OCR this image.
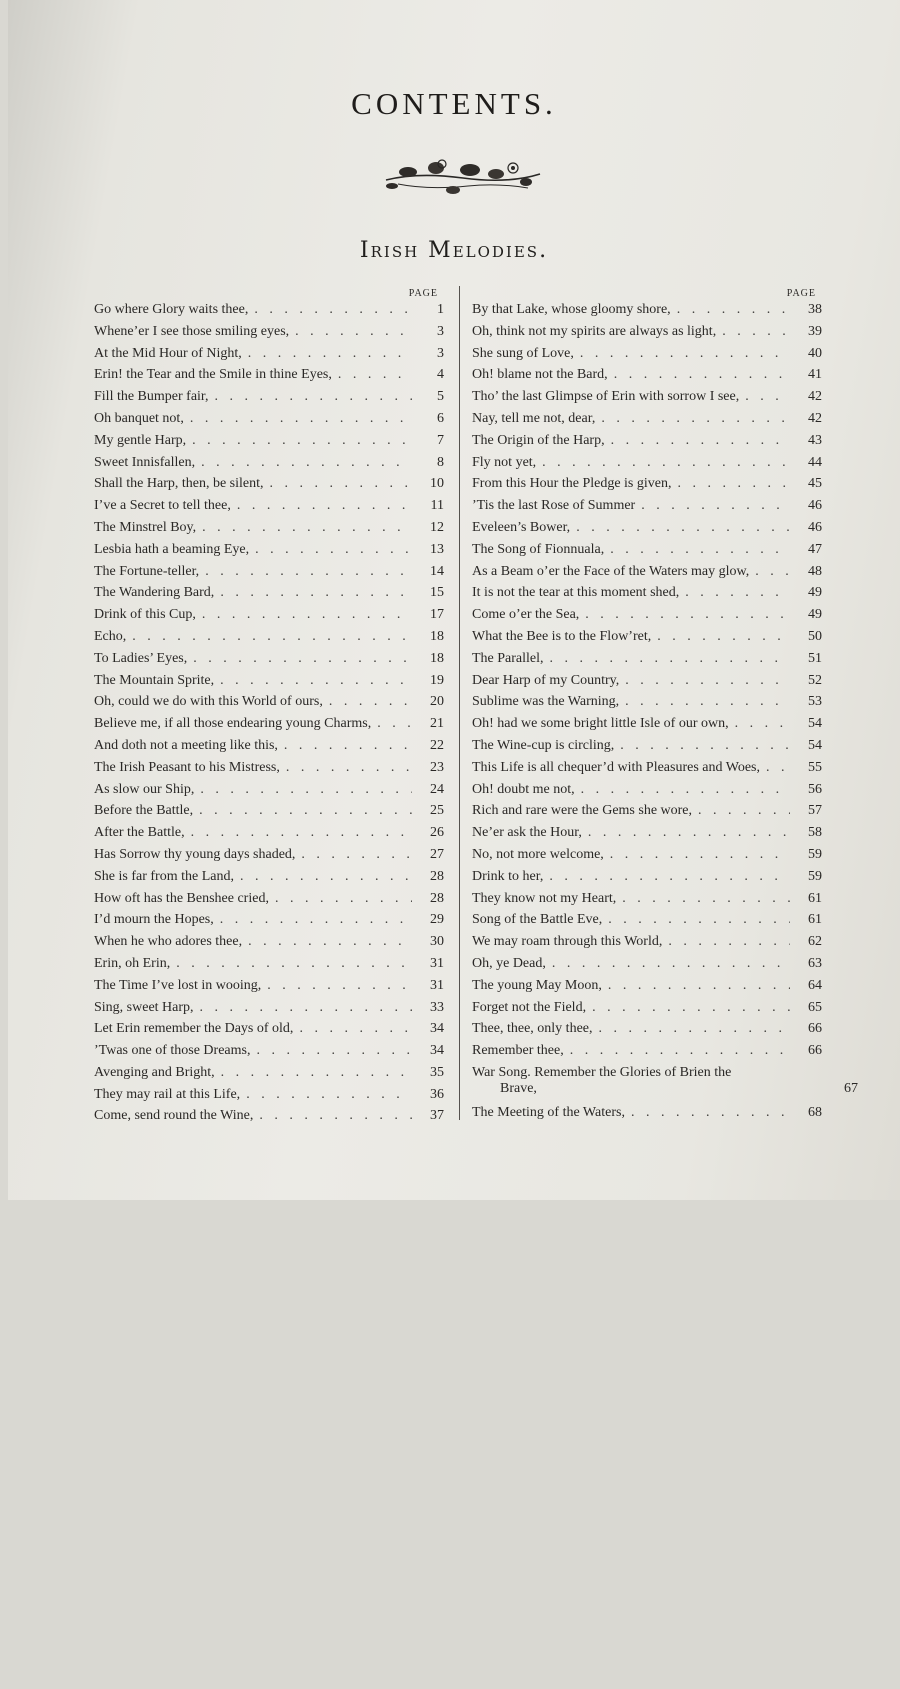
CONTENTS.
Irish Melodies.
PAGE
Go where Glory waits thee, . . .	1
Whene’er I see those smiling eyes, . . .	3
At the Mid Hour of Night, . . .	3
Erin! the Tear and the Smile in thine Eyes, . . .	4
Fill the Bumper fair, . . .	5
Oh banquet not, . . .	6
My gentle Harp, . . .	7
Sweet Innisfallen, . . .	8
Shall the Harp, then, be silent, . . .	10
I’ve a Secret to tell thee, . . .	11
The Minstrel Boy, . . .	12
Lesbia hath a beaming Eye, . . .	13
The Fortune-teller, . . .	14
The Wandering Bard, . . .	15
Drink of this Cup, . . .	17
Echo, . . .	18
To Ladies’ Eyes, . . .	18
The Mountain Sprite, . . .	19
Oh, could we do with this World of ours, . . .	20
Believe me, if all those endearing young Charms, . . .	21
And doth not a meeting like this, . . .	22
The Irish Peasant to his Mistress, . . .	23
As slow our Ship, . . .	24
Before the Battle, . . .	25
After the Battle, . . .	26
Has Sorrow thy young days shaded, . . .	27
She is far from the Land, . . .	28
How oft has the Benshee cried, . . .	28
I’d mourn the Hopes, . . .	29
When he who adores thee, . . .	30
Erin, oh Erin, . . .	31
The Time I’ve lost in wooing, . . .	31
Sing, sweet Harp, . . .	33
Let Erin remember the Days of old, . . .	34
’Twas one of those Dreams, . . .	34
Avenging and Bright, . . .	35
They may rail at this Life, . . .	36
Come, send round the Wine, . . .	37
PAGE
By that Lake, whose gloomy shore, . . .	38
Oh, think not my spirits are always as light, . . .	39
She sung of Love, . . .	40
Oh! blame not the Bard, . . .	41
Tho’ the last Glimpse of Erin with sorrow I see, . . .	42
Nay, tell me not, dear, . . .	42
The Origin of the Harp, . . .	43
Fly not yet, . . .	44
From this Hour the Pledge is given, . . .	45
’Tis the last Rose of Summer . . .	46
Eveleen’s Bower, . . .	46
The Song of Fionnuala, . . .	47
As a Beam o’er the Face of the Waters may glow, . . .	48
It is not the tear at this moment shed, . . .	49
Come o’er the Sea, . . .	49
What the Bee is to the Flow’ret, . . .	50
The Parallel, . . .	51
Dear Harp of my Country, . . .	52
Sublime was the Warning, . . .	53
Oh! had we some bright little Isle of our own, . . .	54
The Wine-cup is circling, . . .	54
This Life is all chequer’d with Pleasures and Woes, . . .	55
Oh! doubt me not, . . .	56
Rich and rare were the Gems she wore, . . .	57
Ne’er ask the Hour, . . .	58
No, not more welcome, . . .	59
Drink to her, . . .	59
They know not my Heart, . . .	61
Song of the Battle Eve, . . .	61
We may roam through this World, . . .	62
Oh, ye Dead, . . .	63
The young May Moon, . . .	64
Forget not the Field, . . .	65
Thee, thee, only thee, . . .	66
Remember thee, . . .	66
War Song. Remember the Glories of Brien the
Brave,	67
The Meeting of the Waters, . . .	68
